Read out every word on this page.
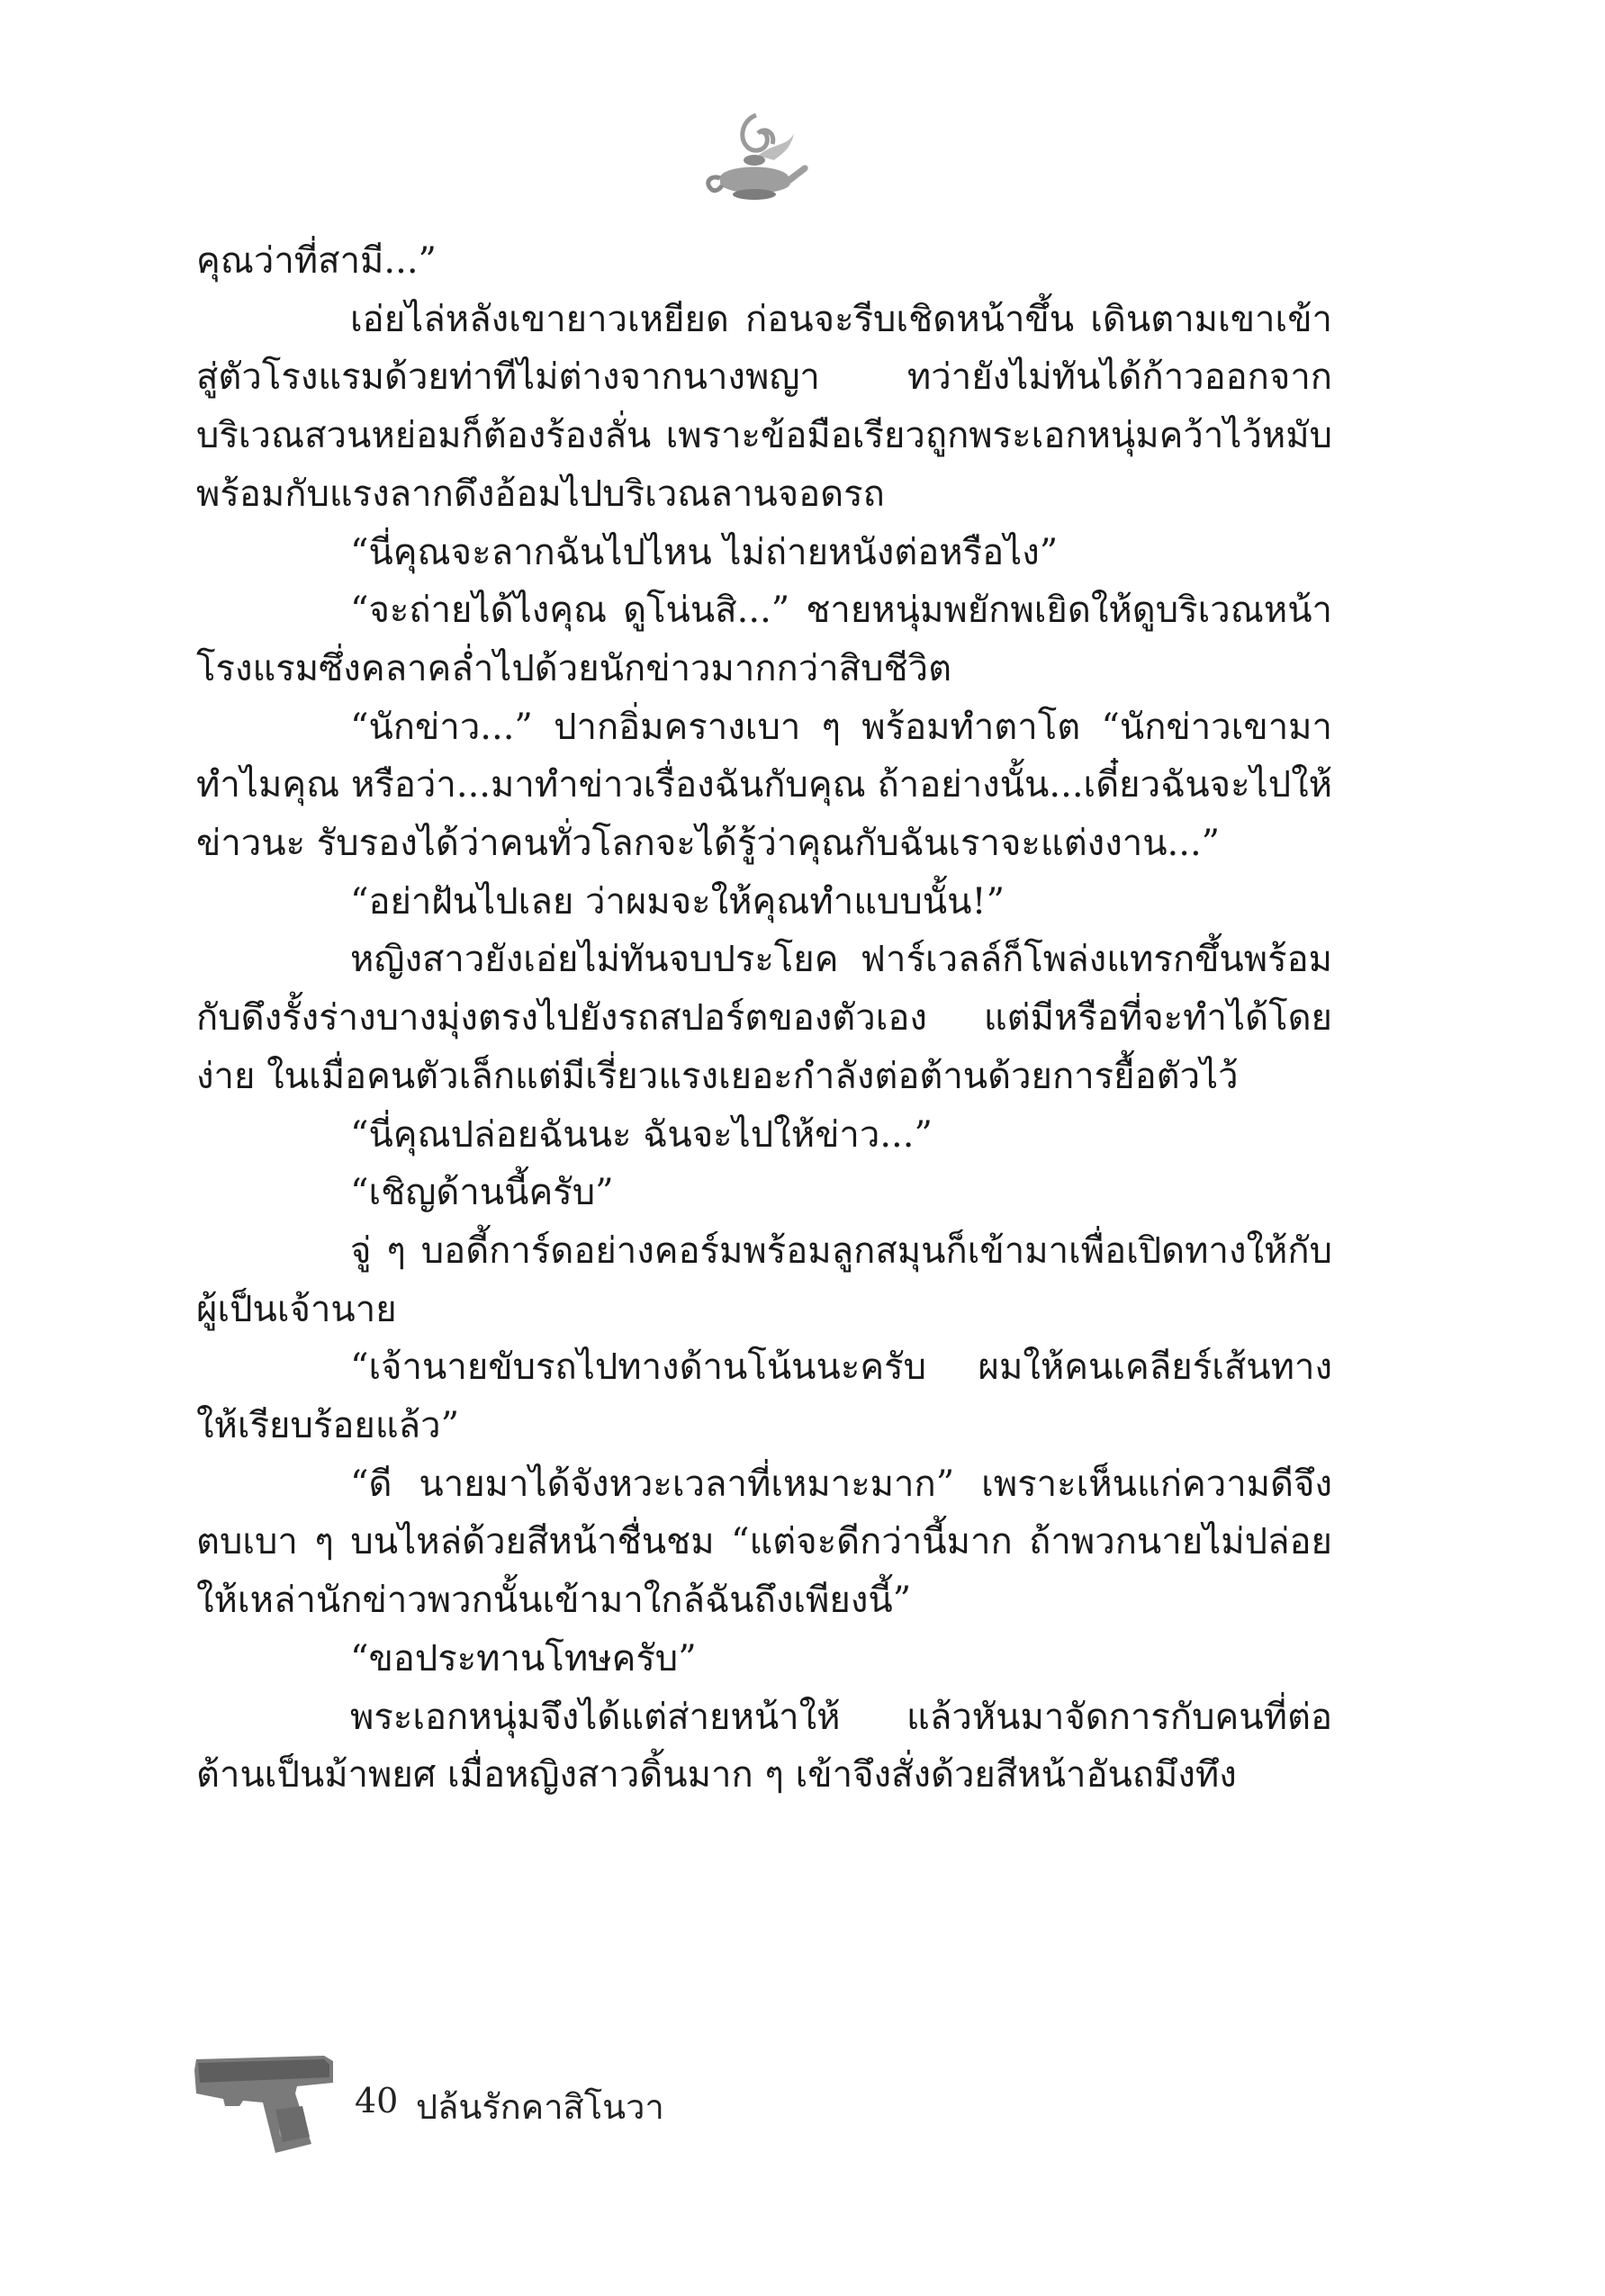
คุณว่าที่สามี...”

เอ่ยไล่หลังเขายาวเหยียด ก่อนจะรีบเชิดหน้าขึ้น เดินตามเขาเข้าสู่ตัวโรงแรมด้วยท่าทีไม่ต่างจากนางพญา ทว่ายังไม่ทันได้ก้าวออกจากบริเวณสวนหย่อมก็ต้องร้องลั่น เพราะข้อมือเรียวถูกพระเอกหนุ่มคว้าไว้หมับ พร้อมกับแรงลากดึงอ้อมไปบริเวณลานจอดรถ

“นี่คุณจะลากฉันไปไหน ไม่ถ่ายหนังต่อหรือไง”

“จะถ่ายได้ไงคุณ ดูโน่นสิ...” ชายหนุ่มพยักพเยิดให้ดูบริเวณหน้าโรงแรมซึ่งคลาคล่ำไปด้วยนักข่าวมากกว่าสิบชีวิต

“นักข่าว...” ปากอิ่มครางเบา ๆ พร้อมทำตาโต “นักข่าวเขามาทำไมคุณ หรือว่า...มาทำข่าวเรื่องฉันกับคุณ ถ้าอย่างนั้น...เดี๋ยวฉันจะไปให้ข่าวนะ รับรองได้ว่าคนทั่วโลกจะได้รู้ว่าคุณกับฉันเราจะแต่งงาน...”

“อย่าฝันไปเลย ว่าผมจะให้คุณทำแบบนั้น!”

หญิงสาวยังเอ่ยไม่ทันจบประโยค ฟาร์เวลล์ก็โพล่งแทรกขึ้นพร้อมกับดึงรั้งร่างบางมุ่งตรงไปยังรถสปอร์ตของตัวเอง แต่มีหรือที่จะทำได้โดยง่าย ในเมื่อคนตัวเล็กแต่มีเรี่ยวแรงเยอะกำลังต่อต้านด้วยการยื้อตัวไว้

“นี่คุณปล่อยฉันนะ ฉันจะไปให้ข่าว...”

“เชิญด้านนี้ครับ”

จู่ ๆ บอดี้การ์ดอย่างคอร์มพร้อมลูกสมุนก็เข้ามาเพื่อเปิดทางให้กับผู้เป็นเจ้านาย

“เจ้านายขับรถไปทางด้านโน้นนะครับ ผมให้คนเคลียร์เส้นทางให้เรียบร้อยแล้ว”

“ดี นายมาได้จังหวะเวลาที่เหมาะมาก” เพราะเห็นแก่ความดีจึงตบเบา ๆ บนไหล่ด้วยสีหน้าชื่นชม “แต่จะดีกว่านี้มาก ถ้าพวกนายไม่ปล่อยให้เหล่านักข่าวพวกนั้นเข้ามาใกล้ฉันถึงเพียงนี้”

“ขอประทานโทษครับ”

พระเอกหนุ่มจึงได้แต่ส่ายหน้าให้ แล้วหันมาจัดการกับคนที่ต่อต้านเป็นม้าพยศ เมื่อหญิงสาวดิ้นมาก ๆ เข้าจึงสั่งด้วยสีหน้าอันถมึงทึง

40 ปล้นรักคาสิโนวา
